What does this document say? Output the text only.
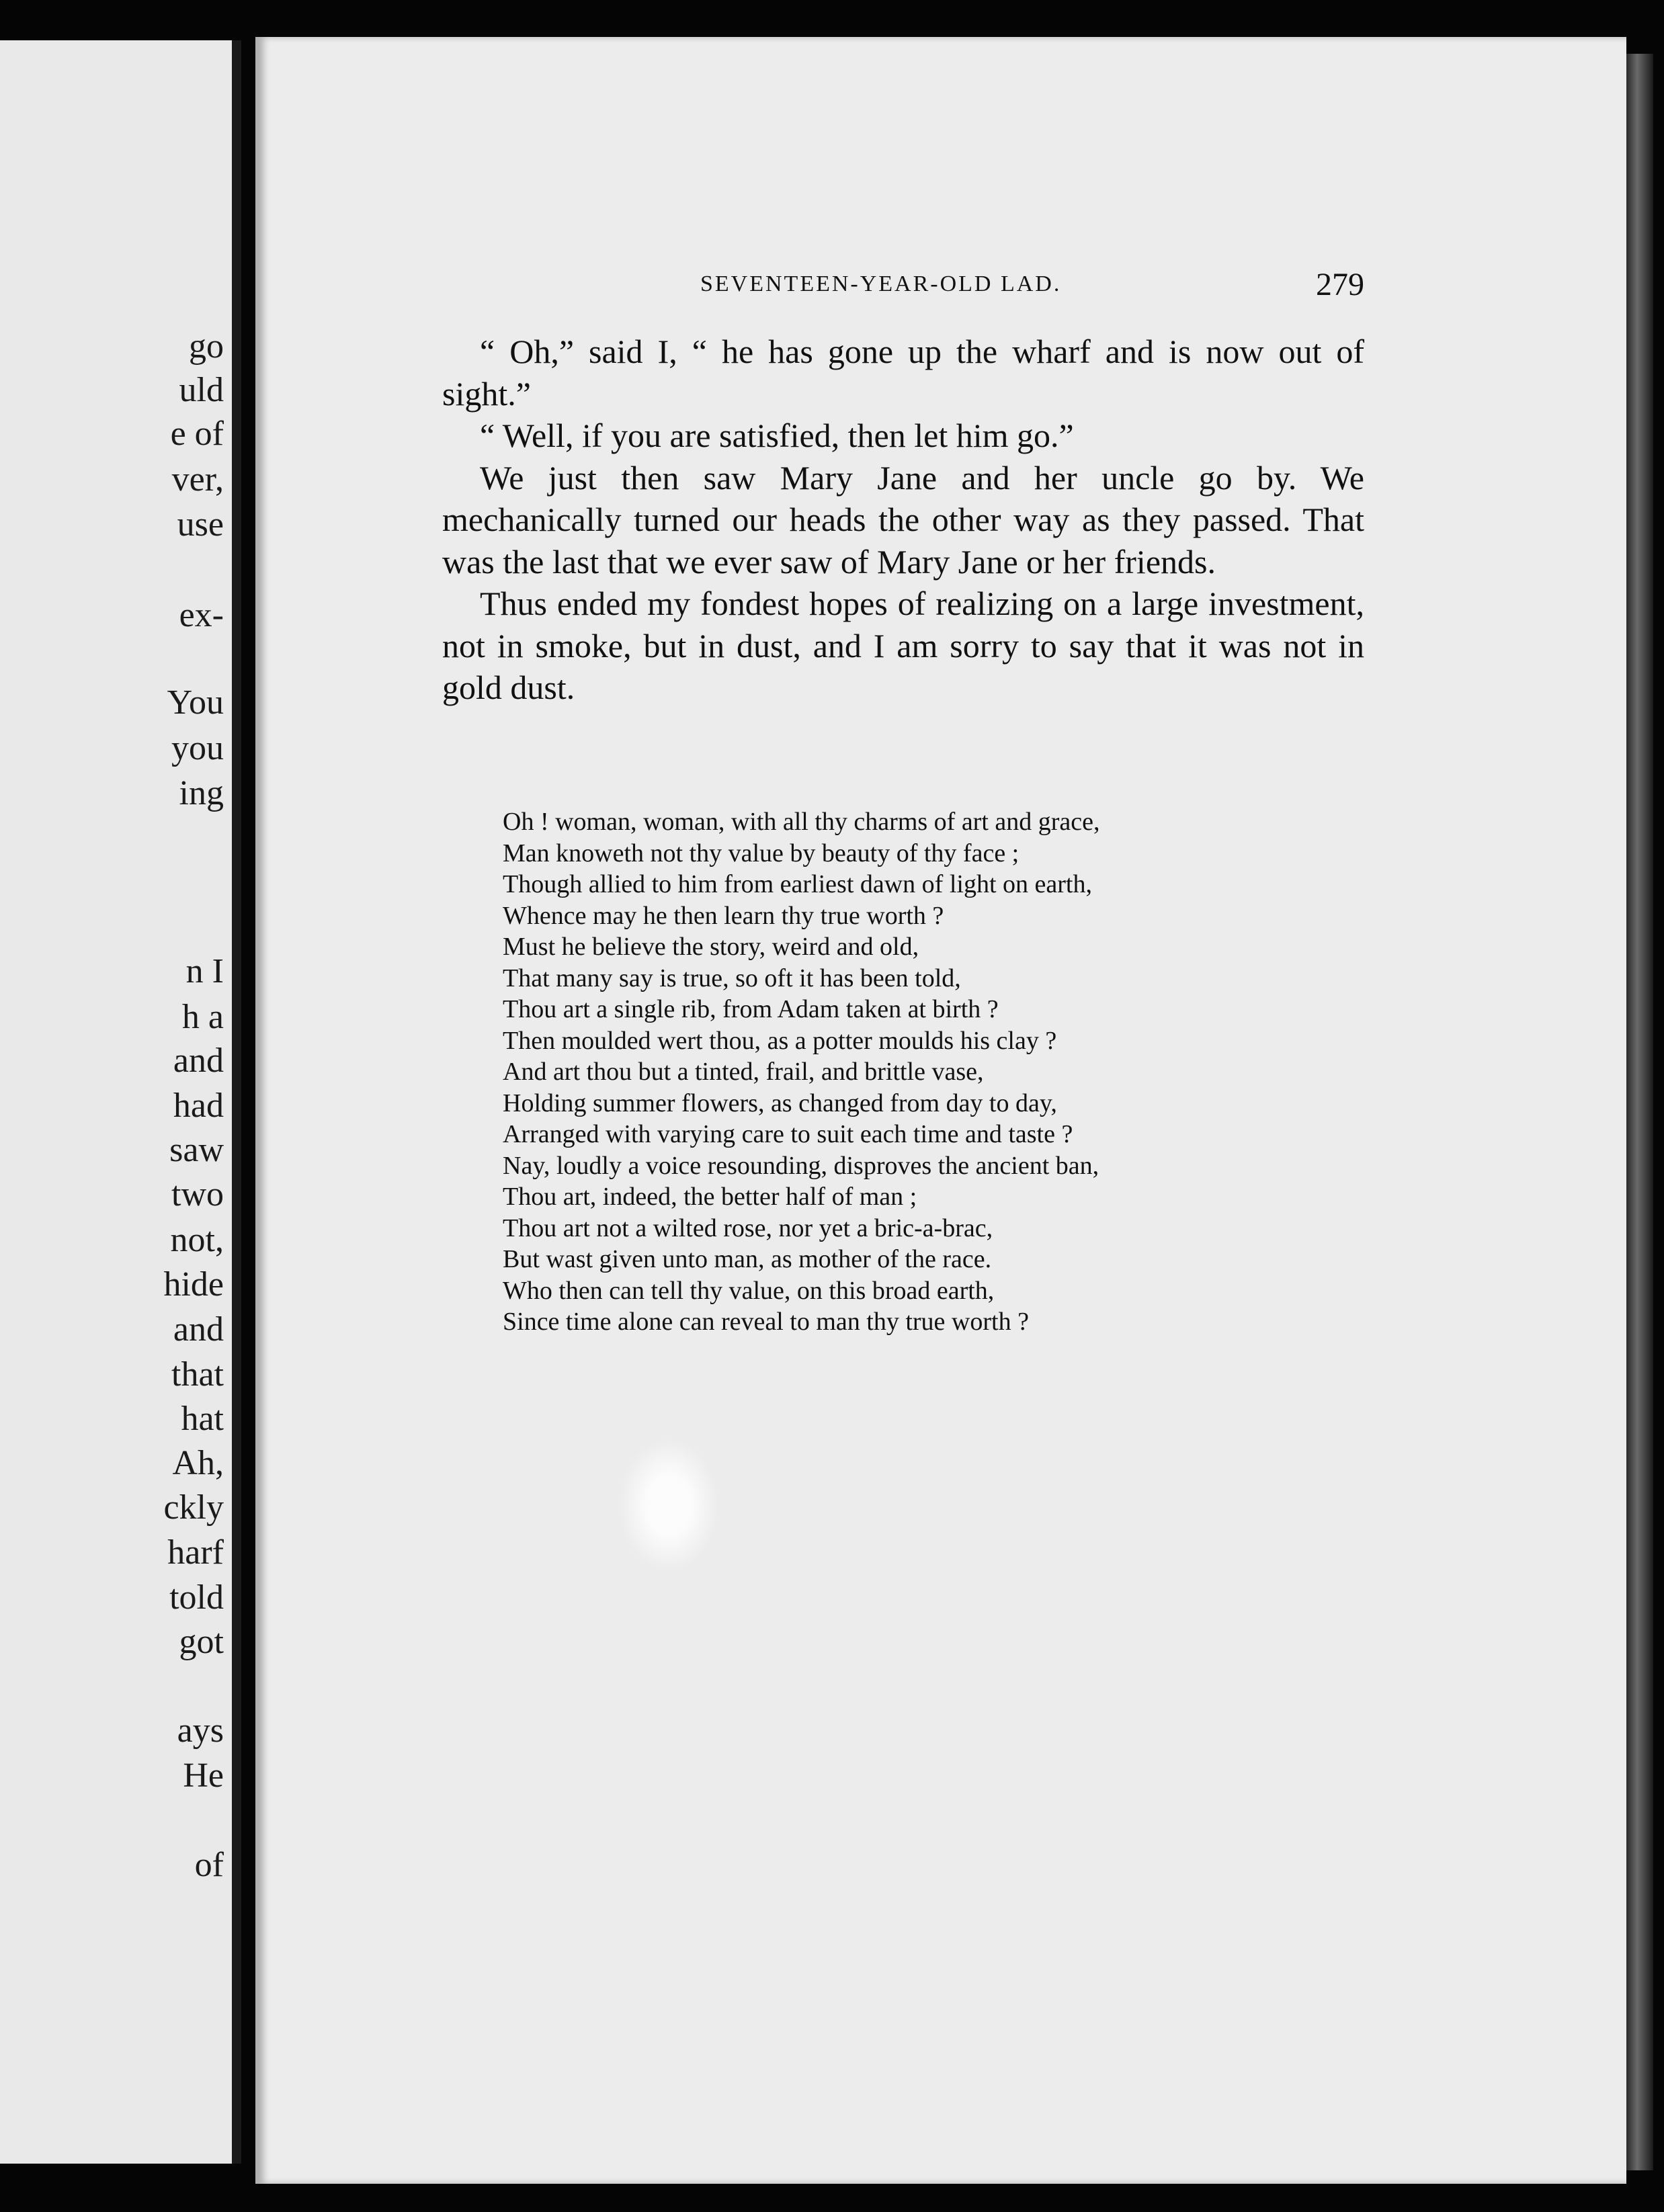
go
uld
e of
ver,
use
ex-
You
you
ing
n I
h a
and
had
saw
two
not,
hide
and
that
hat
Ah,
ckly
harf
told
got
ays
He
of
SEVENTEEN-YEAR-OLD LAD.	279

“ Oh,” said I, “ he has gone up the wharf and is now out of sight.”

“ Well, if you are satisfied, then let him go.”

We just then saw Mary Jane and her uncle go by. We mechanically turned our heads the other way as they passed. That was the last that we ever saw of Mary Jane or her friends.

Thus ended my fondest hopes of realizing on a large investment, not in smoke, but in dust, and I am sorry to say that it was not in gold dust.

Oh ! woman, woman, with all thy charms of art and grace,
Man knoweth not thy value by beauty of thy face ;
Though allied to him from earliest dawn of light on earth,
Whence may he then learn thy true worth ?
Must he believe the story, weird and old,
That many say is true, so oft it has been told,
Thou art a single rib, from Adam taken at birth ?
Then moulded wert thou, as a potter moulds his clay ?
And art thou but a tinted, frail, and brittle vase,
Holding summer flowers, as changed from day to day,
Arranged with varying care to suit each time and taste ?
Nay, loudly a voice resounding, disproves the ancient ban,
Thou art, indeed, the better half of man ;
Thou art not a wilted rose, nor yet a bric-a-brac,
But wast given unto man, as mother of the race.
Who then can tell thy value, on this broad earth,
Since time alone can reveal to man thy true worth ?
